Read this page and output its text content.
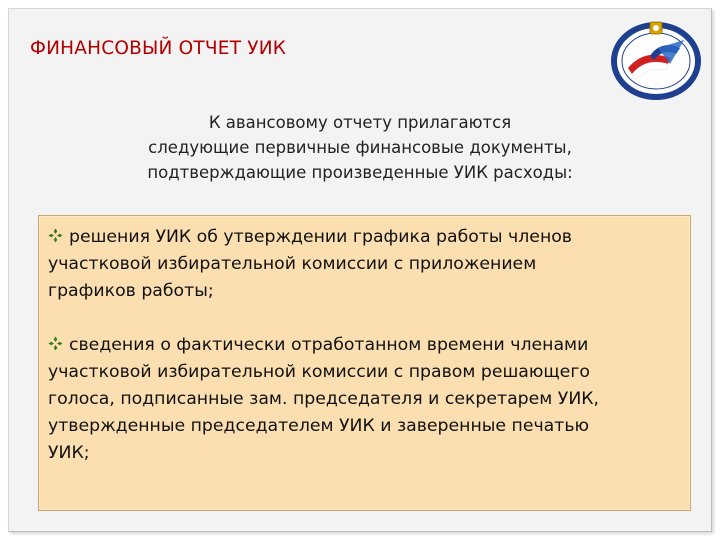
ФИНАНСОВЫЙ ОТЧЕТ УИК
К авансовому отчету прилагаются
следующие первичные финансовые документы,
подтверждающие произведенные УИК расходы:

решения УИК об утверждении графика работы членов
участковой избирательной комиссии с приложением
графиков работы;

сведения о фактически отработанном времени членами
участковой избирательной комиссии с правом решающего
голоса, подписанные зам. председателя и секретарем УИК,
утвержденные председателем УИК и заверенные печатью
УИК;
